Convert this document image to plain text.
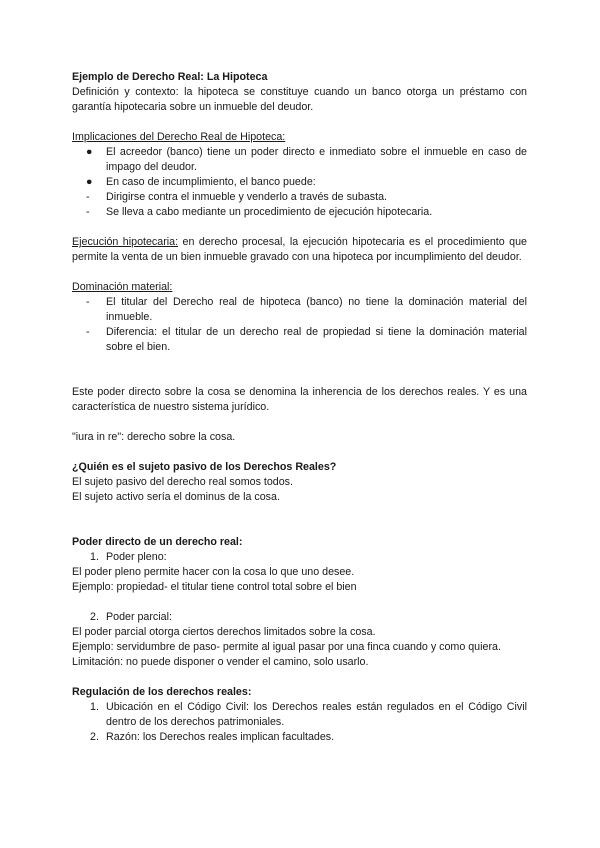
Ejemplo de Derecho Real: La Hipoteca
Definición y contexto: la hipoteca se constituye cuando un banco otorga un préstamo con garantía hipotecaria sobre un inmueble del deudor.
Implicaciones del Derecho Real de Hipoteca:
●	El acreedor (banco) tiene un poder directo e inmediato sobre el inmueble en caso de impago del deudor.
●	En caso de incumplimiento, el banco puede:
-	Dirigirse contra el inmueble y venderlo a través de subasta.
-	Se lleva a cabo mediante un procedimiento de ejecución hipotecaria.
Ejecución hipotecaria: en derecho procesal, la ejecución hipotecaria es el procedimiento que permite la venta de un bien inmueble gravado con una hipoteca por incumplimiento del deudor.
Dominación material:
-	El titular del Derecho real de hipoteca (banco) no tiene la dominación material del inmueble.
-	Diferencia: el titular de un derecho real de propiedad si tiene la dominación material sobre el bien.
Este poder directo sobre la cosa se denomina la inherencia de los derechos reales. Y es una característica de nuestro sistema jurídico.
"iura in re": derecho sobre la cosa.
¿Quién es el sujeto pasivo de los Derechos Reales?
El sujeto pasivo del derecho real somos todos.
El sujeto activo sería el dominus de la cosa.
Poder directo de un derecho real:
1. Poder pleno:
El poder pleno permite hacer con la cosa lo que uno desee.
Ejemplo: propiedad- el titular tiene control total sobre el bien
2. Poder parcial:
El poder parcial otorga ciertos derechos limitados sobre la cosa.
Ejemplo: servidumbre de paso- permite al igual pasar por una finca cuando y como quiera.
Limitación: no puede disponer o vender el camino, solo usarlo.
Regulación de los derechos reales:
1. Ubicación en el Código Civil: los Derechos reales están regulados en el Código Civil dentro de los derechos patrimoniales.
2. Razón: los Derechos reales implican facultades.
